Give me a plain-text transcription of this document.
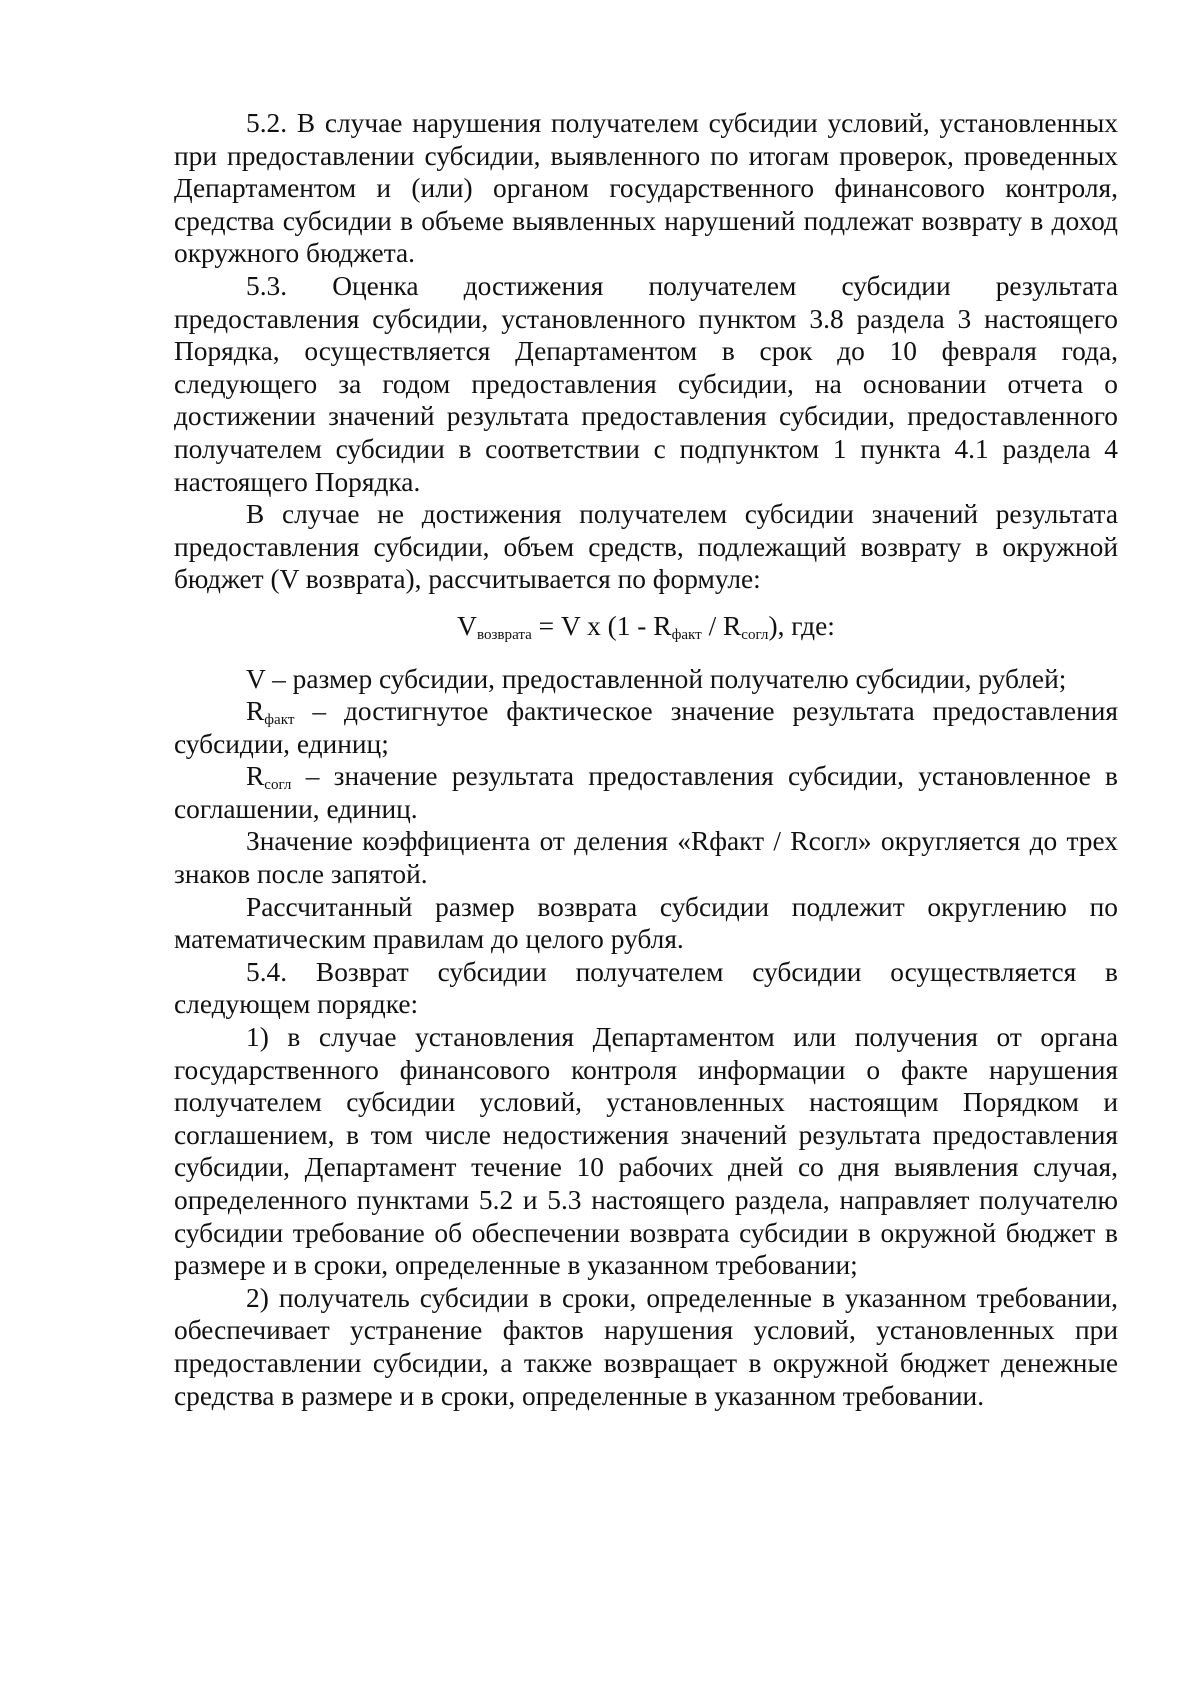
5.2. В случае нарушения получателем субсидии условий, установленных при предоставлении субсидии, выявленного по итогам проверок, проведенных Департаментом и (или) органом государственного финансового контроля, средства субсидии в объеме выявленных нарушений подлежат возврату в доход окружного бюджета.

5.3. Оценка достижения получателем субсидии результата предоставления субсидии, установленного пунктом 3.8 раздела 3 настоящего Порядка, осуществляется Департаментом в срок до 10 февраля года, следующего за годом предоставления субсидии, на основании отчета о достижении значений результата предоставления субсидии, предоставленного получателем субсидии в соответствии с подпунктом 1 пункта 4.1 раздела 4 настоящего Порядка.

В случае не достижения получателем субсидии значений результата предоставления субсидии, объем средств, подлежащий возврату в окружной бюджет (V возврата), рассчитывается по формуле:

$V_{возврата} = V$ x $(1 - R_{факт} / R_{согл})$, где:

V – размер субсидии, предоставленной получателю субсидии, рублей;

$R_{факт}$ – достигнутое фактическое значение результата предоставления субсидии, единиц;

$R_{согл}$ – значение результата предоставления субсидии, установленное в соглашении, единиц.

Значение коэффициента от деления «Rфакт / Rсогл» округляется до трех знаков после запятой.

Рассчитанный размер возврата субсидии подлежит округлению по математическим правилам до целого рубля.

5.4. Возврат субсидии получателем субсидии осуществляется в следующем порядке:

1) в случае установления Департаментом или получения от органа государственного финансового контроля информации о факте нарушения получателем субсидии условий, установленных настоящим Порядком и соглашением, в том числе недостижения значений результата предоставления субсидии, Департамент течение 10 рабочих дней со дня выявления случая, определенного пунктами 5.2 и 5.3 настоящего раздела, направляет получателю субсидии требование об обеспечении возврата субсидии в окружной бюджет в размере и в сроки, определенные в указанном требовании;

2) получатель субсидии в сроки, определенные в указанном требовании, обеспечивает устранение фактов нарушения условий, установленных при предоставлении субсидии, а также возвращает в окружной бюджет денежные средства в размере и в сроки, определенные в указанном требовании.
